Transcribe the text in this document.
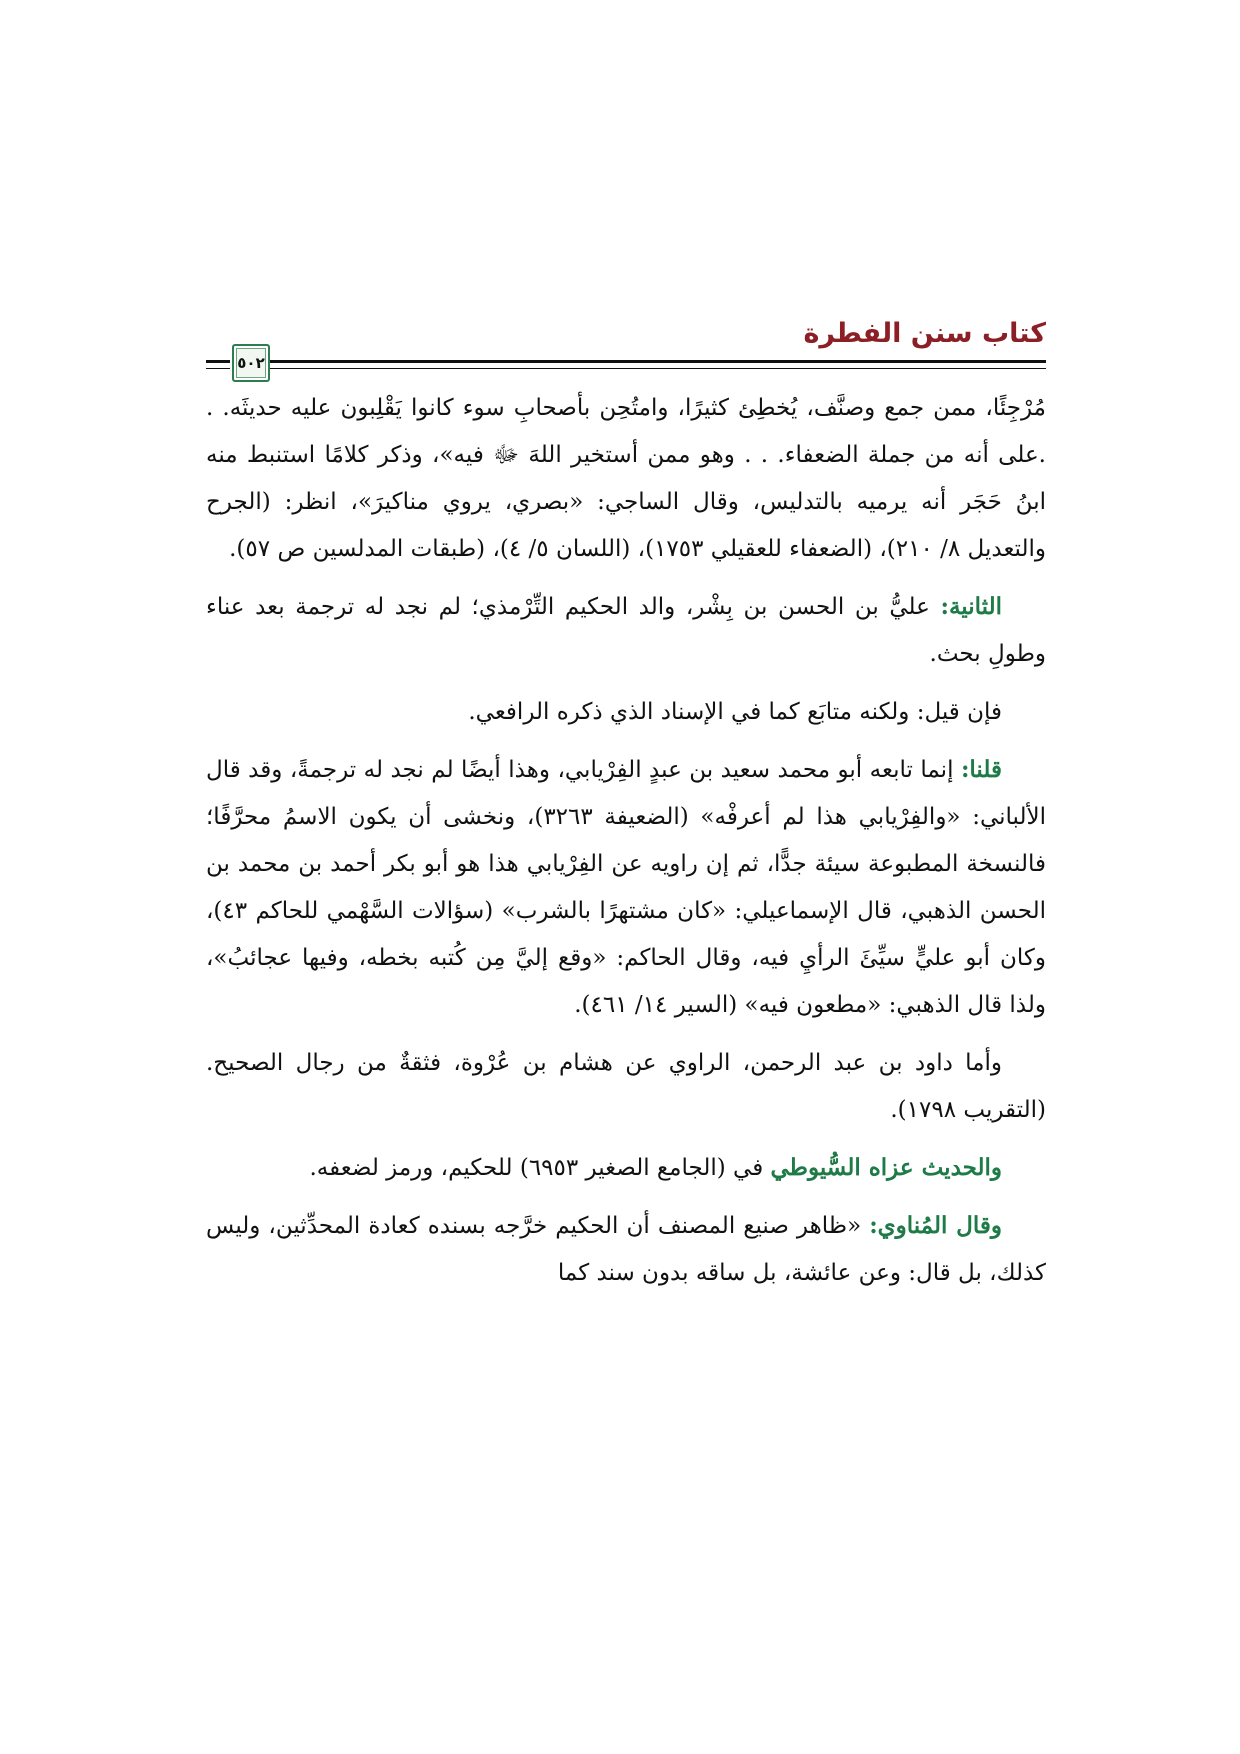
كتاب سنن الفطرة
٥٠٢

مُرْجِئًا، ممن جمع وصنَّف، يُخطِئ كثيرًا، وامتُحِن بأصحابِ سوء كانوا يَقْلِبون عليه حديثَه. . .على أنه من جملة الضعفاء. . . وهو ممن أستخير اللهَ ﷻ فيه»، وذكر كلامًا استنبط منه ابنُ حَجَر أنه يرميه بالتدليس، وقال الساجي: «بصري، يروي مناكيرَ»، انظر: (الجرح والتعديل ٨/ ٢١٠)، (الضعفاء للعقيلي ١٧٥٣)، (اللسان ٥/ ٤)، (طبقات المدلسين ص ٥٧).

الثانية: عليُّ بن الحسن بن بِشْر، والد الحكيم التِّرْمذي؛ لم نجد له ترجمة بعد عناء وطولِ بحث.

فإن قيل: ولكنه متابَع كما في الإسناد الذي ذكره الرافعي.

قلنا: إنما تابعه أبو محمد سعيد بن عبدٍ الفِرْيابي، وهذا أيضًا لم نجد له ترجمةً، وقد قال الألباني: «والفِرْيابي هذا لم أعرفْه» (الضعيفة ٣٢٦٣)، ونخشى أن يكون الاسمُ محرَّفًا؛ فالنسخة المطبوعة سيئة جدًّا، ثم إن راويه عن الفِرْيابي هذا هو أبو بكر أحمد بن محمد بن الحسن الذهبي، قال الإسماعيلي: «كان مشتهرًا بالشرب» (سؤالات السَّهْمي للحاكم ٤٣)، وكان أبو عليٍّ سيِّئَ الرأيِ فيه، وقال الحاكم: «وقع إليَّ مِن كُتبه بخطه، وفيها عجائبُ»، ولذا قال الذهبي: «مطعون فيه» (السير ١٤/ ٤٦١).

وأما داود بن عبد الرحمن، الراوي عن هشام بن عُرْوة، فثقةٌ من رجال الصحيح. (التقريب ١٧٩٨).

والحديث عزاه السُّيوطي في (الجامع الصغير ٦٩٥٣) للحكيم، ورمز لضعفه.

وقال المُناوي: «ظاهر صنيع المصنف أن الحكيم خرَّجه بسنده كعادة المحدِّثين، وليس كذلك، بل قال: وعن عائشة، بل ساقه بدون سند كما
